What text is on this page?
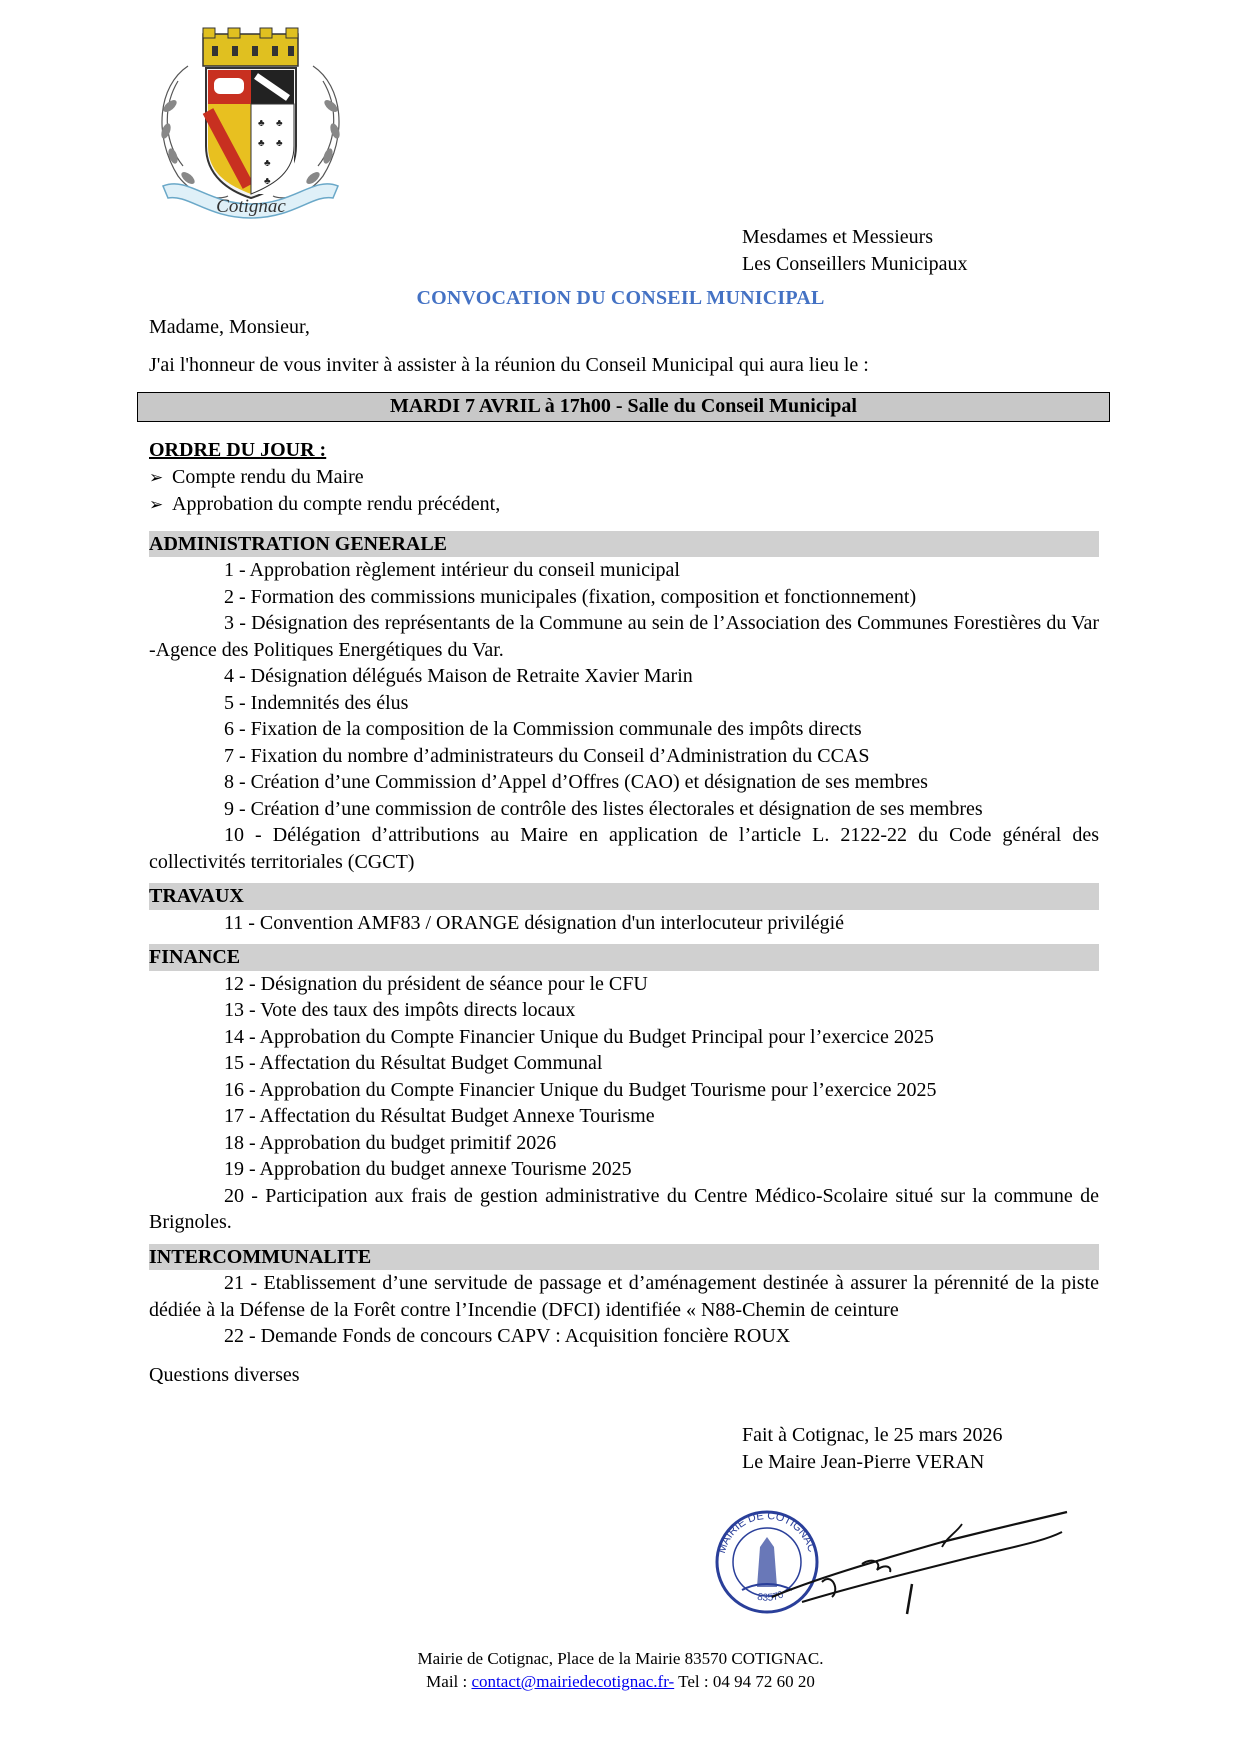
♣ ♣
♣ ♣
♣
♣
Cotignac
Mesdames et Messieurs
Les Conseillers Municipaux
CONVOCATION DU CONSEIL MUNICIPAL
Madame, Monsieur,
J'ai l'honneur de vous inviter à assister à la réunion du Conseil Municipal qui aura lieu le :
MARDI 7 AVRIL à 17h00 - Salle du Conseil Municipal
ORDRE DU JOUR :
➢ Compte rendu du Maire
➢ Approbation du compte rendu précédent,
ADMINISTRATION GENERALE
1 - Approbation règlement intérieur du conseil municipal
2 - Formation des commissions municipales (fixation, composition et fonctionnement)
3 - Désignation des représentants de la Commune au sein de l’Association des Communes Forestières du Var -Agence des Politiques Energétiques du Var.
4 - Désignation délégués Maison de Retraite Xavier Marin
5 - Indemnités des élus
6 - Fixation de la composition de la Commission communale des impôts directs
7 - Fixation du nombre d’administrateurs du Conseil d’Administration du CCAS
8 - Création d’une Commission d’Appel d’Offres (CAO) et désignation de ses membres
9 - Création d’une commission de contrôle des listes électorales et désignation de ses membres
10 - Délégation d’attributions au Maire en application de l’article L. 2122-22 du Code général des collectivités territoriales (CGCT)
TRAVAUX
11 - Convention AMF83 / ORANGE désignation d'un interlocuteur privilégié
FINANCE
12 - Désignation du président de séance pour le CFU
13 - Vote des taux des impôts directs locaux
14 - Approbation du Compte Financier Unique du Budget Principal pour l’exercice 2025
15 - Affectation du Résultat Budget Communal
16 - Approbation du Compte Financier Unique du Budget Tourisme pour l’exercice 2025
17 - Affectation du Résultat Budget Annexe Tourisme
18 - Approbation du budget primitif 2026
19 - Approbation du budget annexe Tourisme 2025
20 - Participation aux frais de gestion administrative du Centre Médico-Scolaire situé sur la commune de Brignoles.
INTERCOMMUNALITE
21 - Etablissement d’une servitude de passage et d’aménagement destinée à assurer la pérennité de la piste dédiée à la Défense de la Forêt contre l’Incendie (DFCI) identifiée « N88-Chemin de ceinture
22 - Demande Fonds de concours CAPV : Acquisition foncière ROUX
Questions diverses
Fait à Cotignac, le 25 mars 2026
Le Maire Jean-Pierre VERAN
MAIRIE DE COTIGNAC
83570
Mairie de Cotignac, Place de la Mairie 83570 COTIGNAC.
Mail : contact@mairiedecotignac.fr- Tel : 04 94 72 60 20
